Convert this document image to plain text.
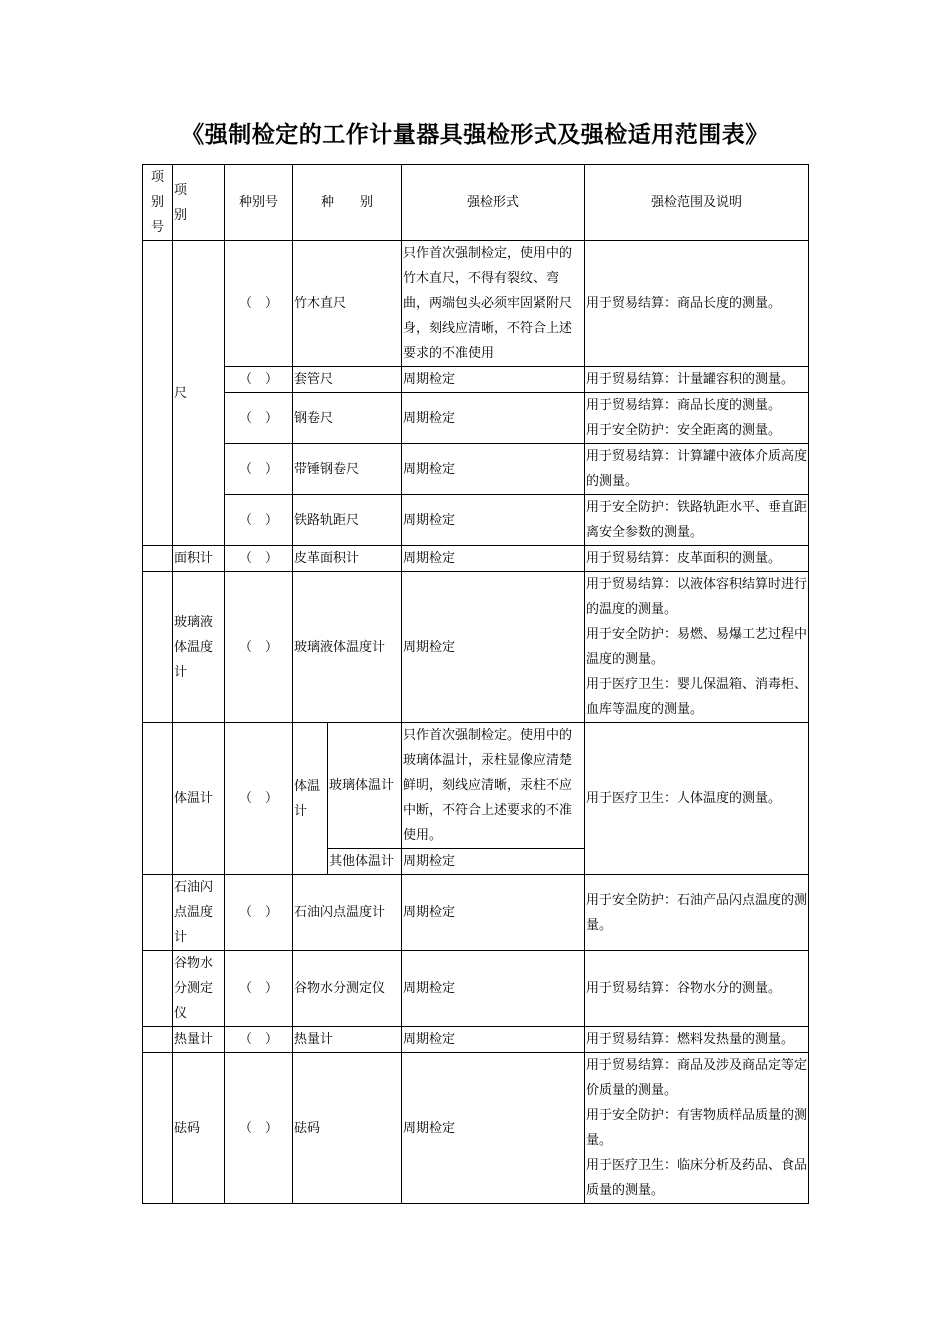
《强制检定的工作计量器具强检形式及强检适用范围表》
项
别
号	项　　别	种别号	种　　别		强检形式	强检范围及说明
	尺	（　）	竹木直尺		只作首次强制检定，使用中的竹木直尺，不得有裂纹、弯曲，两端包头必须牢固紧附尺身，刻线应清晰，不符合上述要求的不准使用	用于贸易结算：商品长度的测量。
		（　）	套管尺		周期检定	用于贸易结算：计量罐容积的测量。
		（　）	钢卷尺		周期检定	用于贸易结算：商品长度的测量。
用于安全防护：安全距离的测量。
		（　）	带锤钢卷尺		周期检定	用于贸易结算：计算罐中液体介质高度的测量。
		（　）	铁路轨距尺		周期检定	用于安全防护：铁路轨距水平、垂直距离安全参数的测量。
	面积计	（　）	皮革面积计		周期检定	用于贸易结算：皮革面积的测量。
	玻璃液体温度计	（　）	玻璃液体温度计		周期检定	用于贸易结算：以液体容积结算时进行的温度的测量。
用于安全防护：易燃、易爆工艺过程中温度的测量。
用于医疗卫生：婴儿保温箱、消毒柜、血库等温度的测量。
	体温计	（　）	体温计	玻璃体温计	只作首次强制检定。使用中的玻璃体温计，汞柱显像应清楚鲜明，刻线应清晰，汞柱不应中断，不符合上述要求的不准使用。	用于医疗卫生：人体温度的测量。
				其他体温计	周期检定	
	石油闪点温度计	（　）	石油闪点温度计		周期检定	用于安全防护：石油产品闪点温度的测量。
	谷物水分测定仪	（　）	谷物水分测定仪		周期检定	用于贸易结算：谷物水分的测量。
	热量计	（　）	热量计		周期检定	用于贸易结算：燃料发热量的测量。
	砝码	（　）	砝码		周期检定	用于贸易结算：商品及涉及商品定等定价质量的测量。
用于安全防护：有害物质样品质量的测量。
用于医疗卫生：临床分析及药品、食品质量的测量。
